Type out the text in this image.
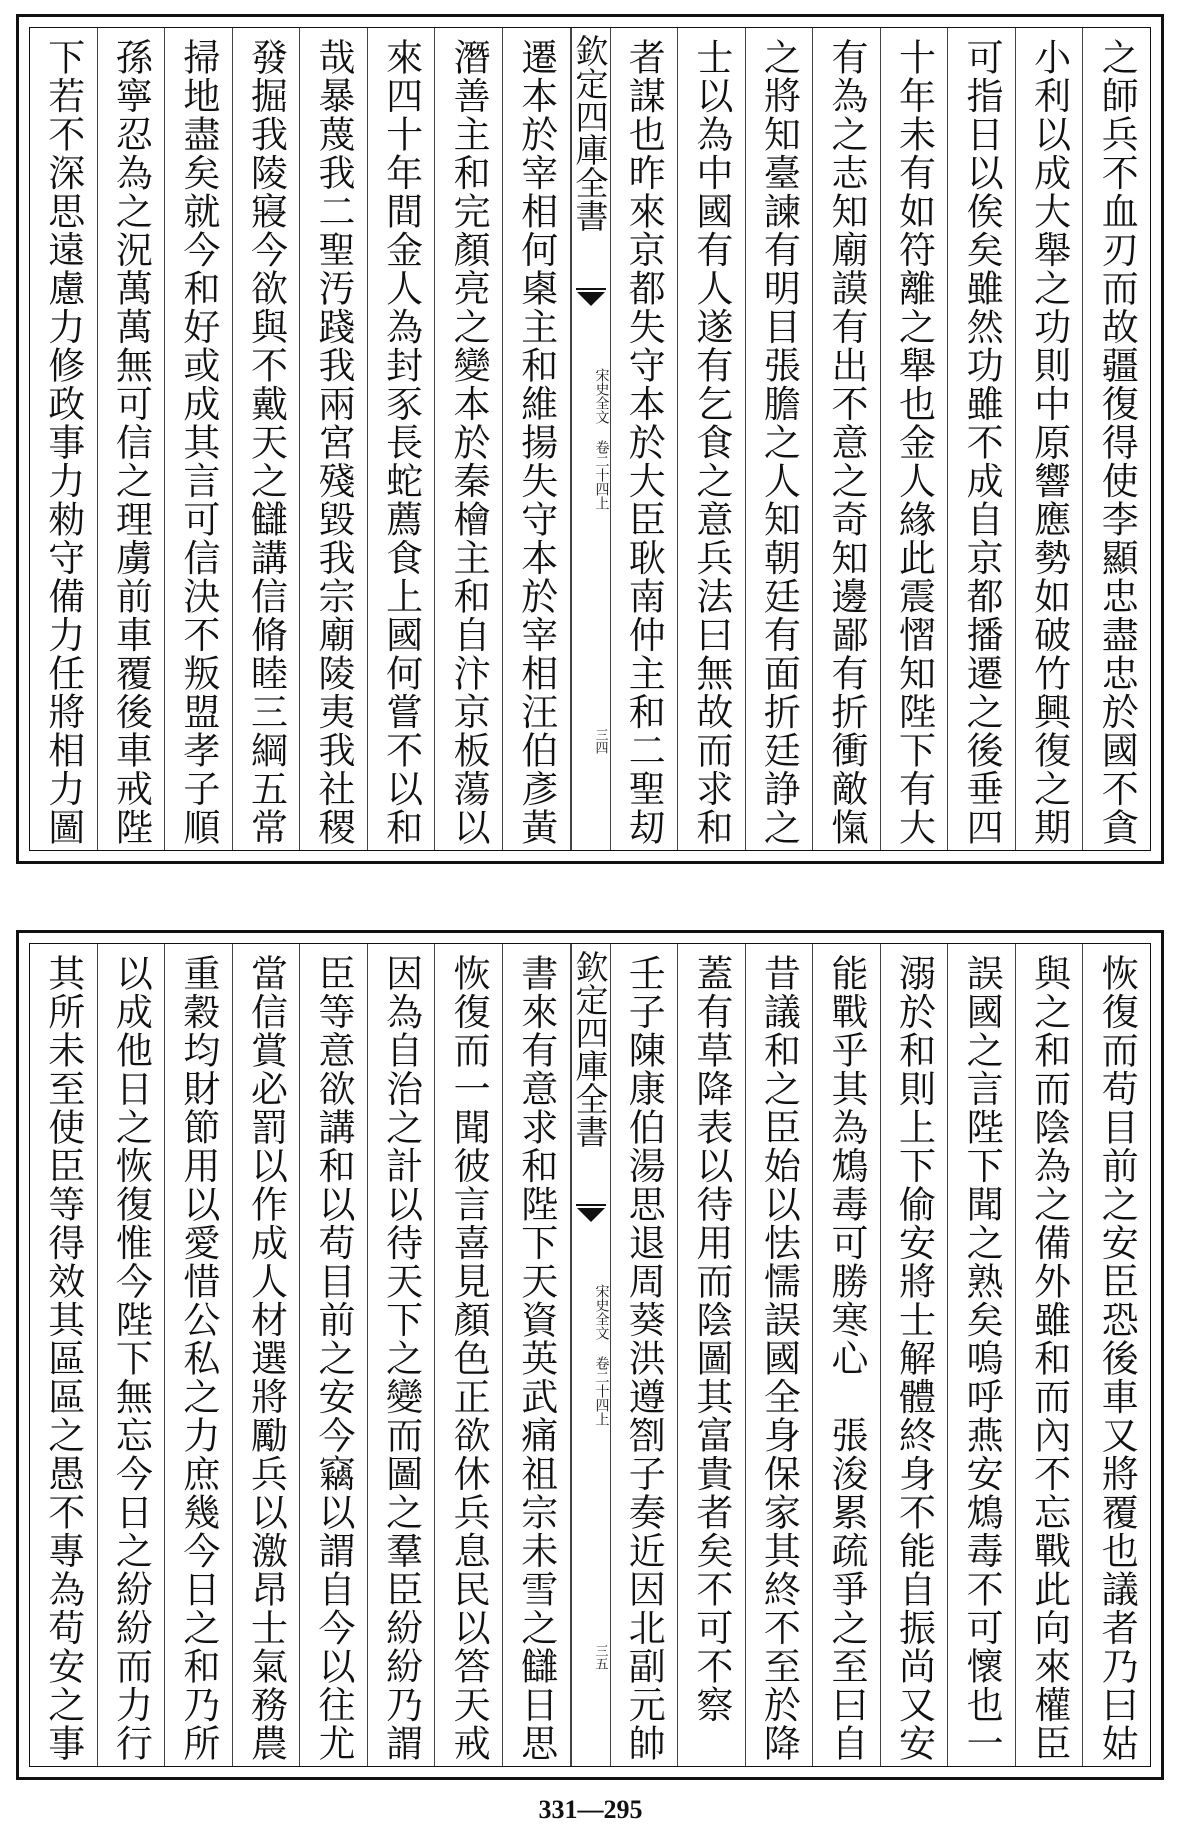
之師兵不血刃而故疆復得使李顯忠盡忠於國不貪
小利以成大舉之功則中原響應勢如破竹興復之期
可指日以俟矣雖然功雖不成自京都播遷之後垂四
十年未有如符離之舉也金人緣此震慴知陛下有大
有為之志知廟謨有出不意之奇知邊鄙有折衝敵愾
之將知臺諫有明目張膽之人知朝廷有面折廷諍之
士以為中國有人遂有乞食之意兵法曰無故而求和
者謀也昨來京都失守本於大臣耿南仲主和二聖刧
欽定四庫全書
宋史全文 卷二十四上
三四
遷本於宰相何㮚主和維揚失守本於宰相汪伯彥黃
潛善主和完顏亮之變本於秦檜主和自汴京板蕩以
來四十年間金人為封豕長蛇薦食上國何嘗不以和
哉暴蔑我二聖汚踐我兩宮殘毀我宗廟陵夷我社稷
發掘我陵寢今欲與不戴天之讎講信脩睦三綱五常
掃地盡矣就今和好或成其言可信決不叛盟孝子順
孫寧忍為之況萬萬無可信之理虜前車覆後車戒陛
下若不深思遠慮力修政事力勑守備力任將相力圖
恢復而苟目前之安臣恐後車又將覆也議者乃曰姑
與之和而陰為之備外雖和而內不忘戰此向來權臣
誤國之言陛下聞之熟矣嗚呼燕安鴆毒不可懷也一
溺於和則上下偷安將士解體終身不能自振尚又安
能戰乎其為鴆毒可勝寒心　張浚累疏爭之至曰自
昔議和之臣始以怯懦誤國全身保家其終不至於降
蓋有草降表以待用而陰圖其富貴者矣不可不察
壬子陳康伯湯思退周葵洪遵劄子奏近因北副元帥
欽定四庫全書
宋史全文 卷二十四上
三五
書來有意求和陛下天資英武痛祖宗未雪之讎日思
恢復而一聞彼言喜見顏色正欲休兵息民以答天戒
因為自治之計以待天下之變而圖之羣臣紛紛乃謂
臣等意欲講和以苟目前之安今竊以謂自今以往尤
當信賞必罰以作成人材選將勵兵以激昂士氣務農
重穀均財節用以愛惜公私之力庶幾今日之和乃所
以成他日之恢復惟今陛下無忘今日之紛紛而力行
其所未至使臣等得效其區區之愚不專為苟安之事
331—295
